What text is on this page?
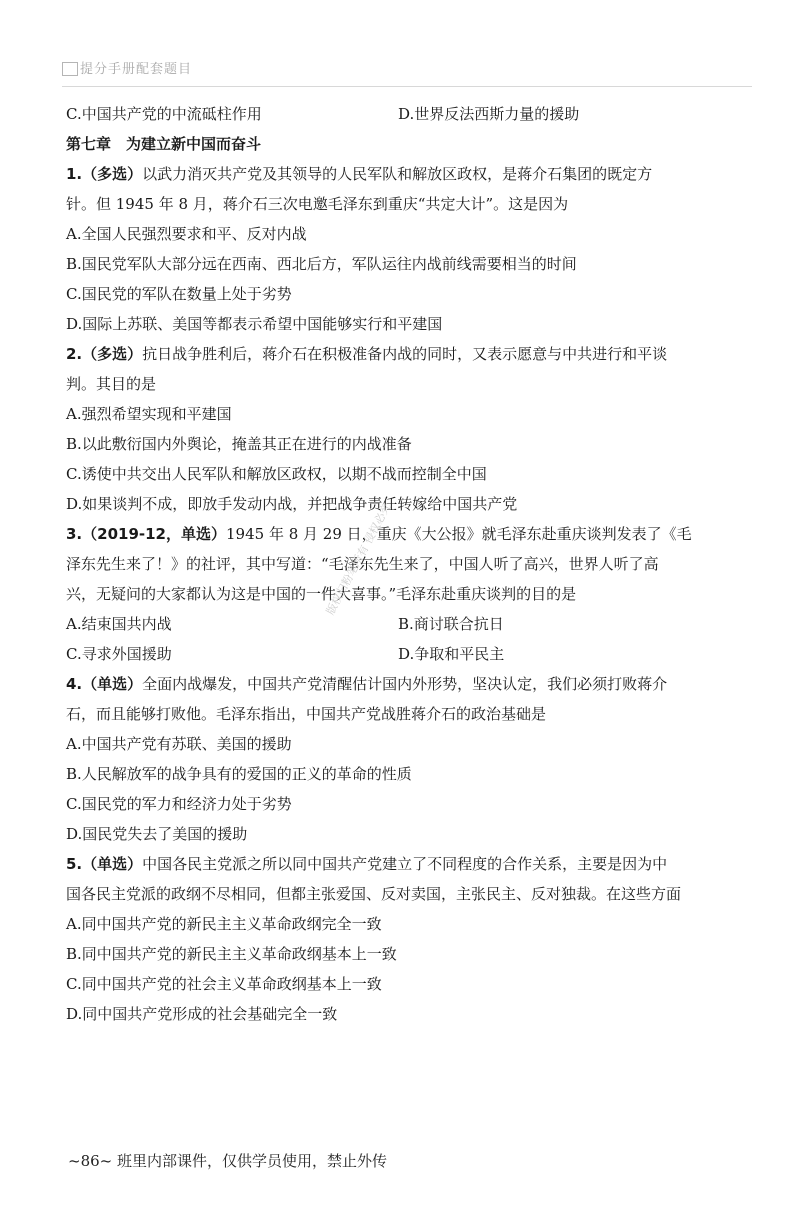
提分手册配套题目
C.中国共产党的中流砥柱作用	D.世界反法西斯力量的援助
第七章　为建立新中国而奋斗
1.（多选）以武力消灭共产党及其领导的人民军队和解放区政权，是蒋介石集团的既定方
针。但 1945 年 8 月，蒋介石三次电邀毛泽东到重庆“共定大计”。这是因为
A.全国人民强烈要求和平、反对内战
B.国民党军队大部分远在西南、西北后方，军队运往内战前线需要相当的时间
C.国民党的军队在数量上处于劣势
D.国际上苏联、美国等都表示希望中国能够实行和平建国
2.（多选）抗日战争胜利后，蒋介石在积极准备内战的同时，又表示愿意与中共进行和平谈
判。其目的是
A.强烈希望实现和平建国
B.以此敷衍国内外舆论，掩盖其正在进行的内战准备
C.诱使中共交出人民军队和解放区政权，以期不战而控制全中国
D.如果谈判不成，即放手发动内战，并把战争责任转嫁给中国共产党
3.（2019-12，单选）1945 年 8 月 29 日，重庆《大公报》就毛泽东赴重庆谈判发表了《毛
泽东先生来了！》的社评，其中写道：“毛泽东先生来了，中国人听了高兴，世界人听了高
兴，无疑问的大家都认为这是中国的一件大喜事。”毛泽东赴重庆谈判的目的是
A.结束国共内战	B.商讨联合抗日
C.寻求外国援助	D.争取和平民主
4.（单选）全面内战爆发，中国共产党清醒估计国内外形势，坚决认定，我们必须打败蒋介
石，而且能够打败他。毛泽东指出，中国共产党战胜蒋介石的政治基础是
A.中国共产党有苏联、美国的援助
B.人民解放军的战争具有的爱国的正义的革命的性质
C.国民党的军力和经济力处于劣势
D.国民党失去了美国的援助
5.（单选）中国各民主党派之所以同中国共产党建立了不同程度的合作关系，主要是因为中
国各民主党派的政纲不尽相同，但都主张爱国、反对卖国，主张民主、反对独裁。在这些方面
A.同中国共产党的新民主主义革命政纲完全一致
B.同中国共产党的新民主主义革命政纲基本上一致
C.同中国共产党的社会主义革命政纲基本上一致
D.同中国共产党形成的社会基础完全一致
版权归粉笔所有 侵权必究
~86~ 班里内部课件，仅供学员使用，禁止外传
